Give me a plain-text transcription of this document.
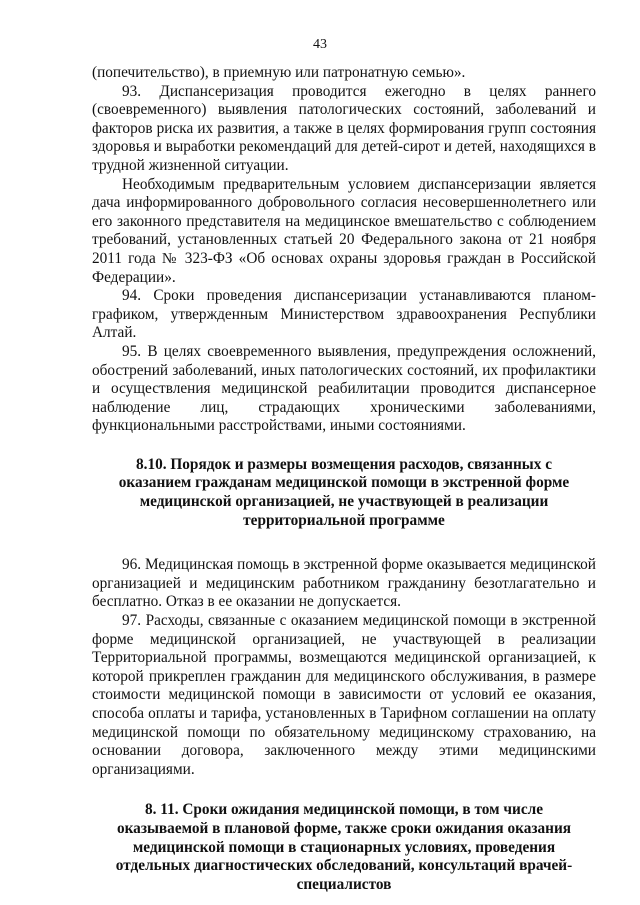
43

(попечительство), в приемную или патронатную семью».

93. Диспансеризация проводится ежегодно в целях раннего (своевременного) выявления патологических состояний, заболеваний и факторов риска их развития, а также в целях формирования групп состояния здоровья и выработки рекомендаций для детей-сирот и детей, находящихся в трудной жизненной ситуации.

Необходимым предварительным условием диспансеризации является дача информированного добровольного согласия несовершеннолетнего или его законного представителя на медицинское вмешательство с соблюдением требований, установленных статьей 20 Федерального закона от 21 ноября 2011 года № 323-ФЗ «Об основах охраны здоровья граждан в Российской Федерации».

94. Сроки проведения диспансеризации устанавливаются планом-графиком, утвержденным Министерством здравоохранения Республики Алтай.

95. В целях своевременного выявления, предупреждения осложнений, обострений заболеваний, иных патологических состояний, их профилактики и осуществления медицинской реабилитации проводится диспансерное наблюдение лиц, страдающих хроническими заболеваниями, функциональными расстройствами, иными состояниями.

8.10. Порядок и размеры возмещения расходов, связанных с оказанием гражданам медицинской помощи в экстренной форме медицинской организацией, не участвующей в реализации территориальной программе

96. Медицинская помощь в экстренной форме оказывается медицинской организацией и медицинским работником гражданину безотлагательно и бесплатно. Отказ в ее оказании не допускается.

97. Расходы, связанные с оказанием медицинской помощи в экстренной форме медицинской организацией, не участвующей в реализации Территориальной программы, возмещаются медицинской организацией, к которой прикреплен гражданин для медицинского обслуживания, в размере стоимости медицинской помощи в зависимости от условий ее оказания, способа оплаты и тарифа, установленных в Тарифном соглашении на оплату медицинской помощи по обязательному медицинскому страхованию, на основании договора, заключенного между этими медицинскими организациями.

8. 11. Сроки ожидания медицинской помощи, в том числе оказываемой в плановой форме, также сроки ожидания оказания медицинской помощи в стационарных условиях, проведения отдельных диагностических обследований, консультаций врачей-специалистов
